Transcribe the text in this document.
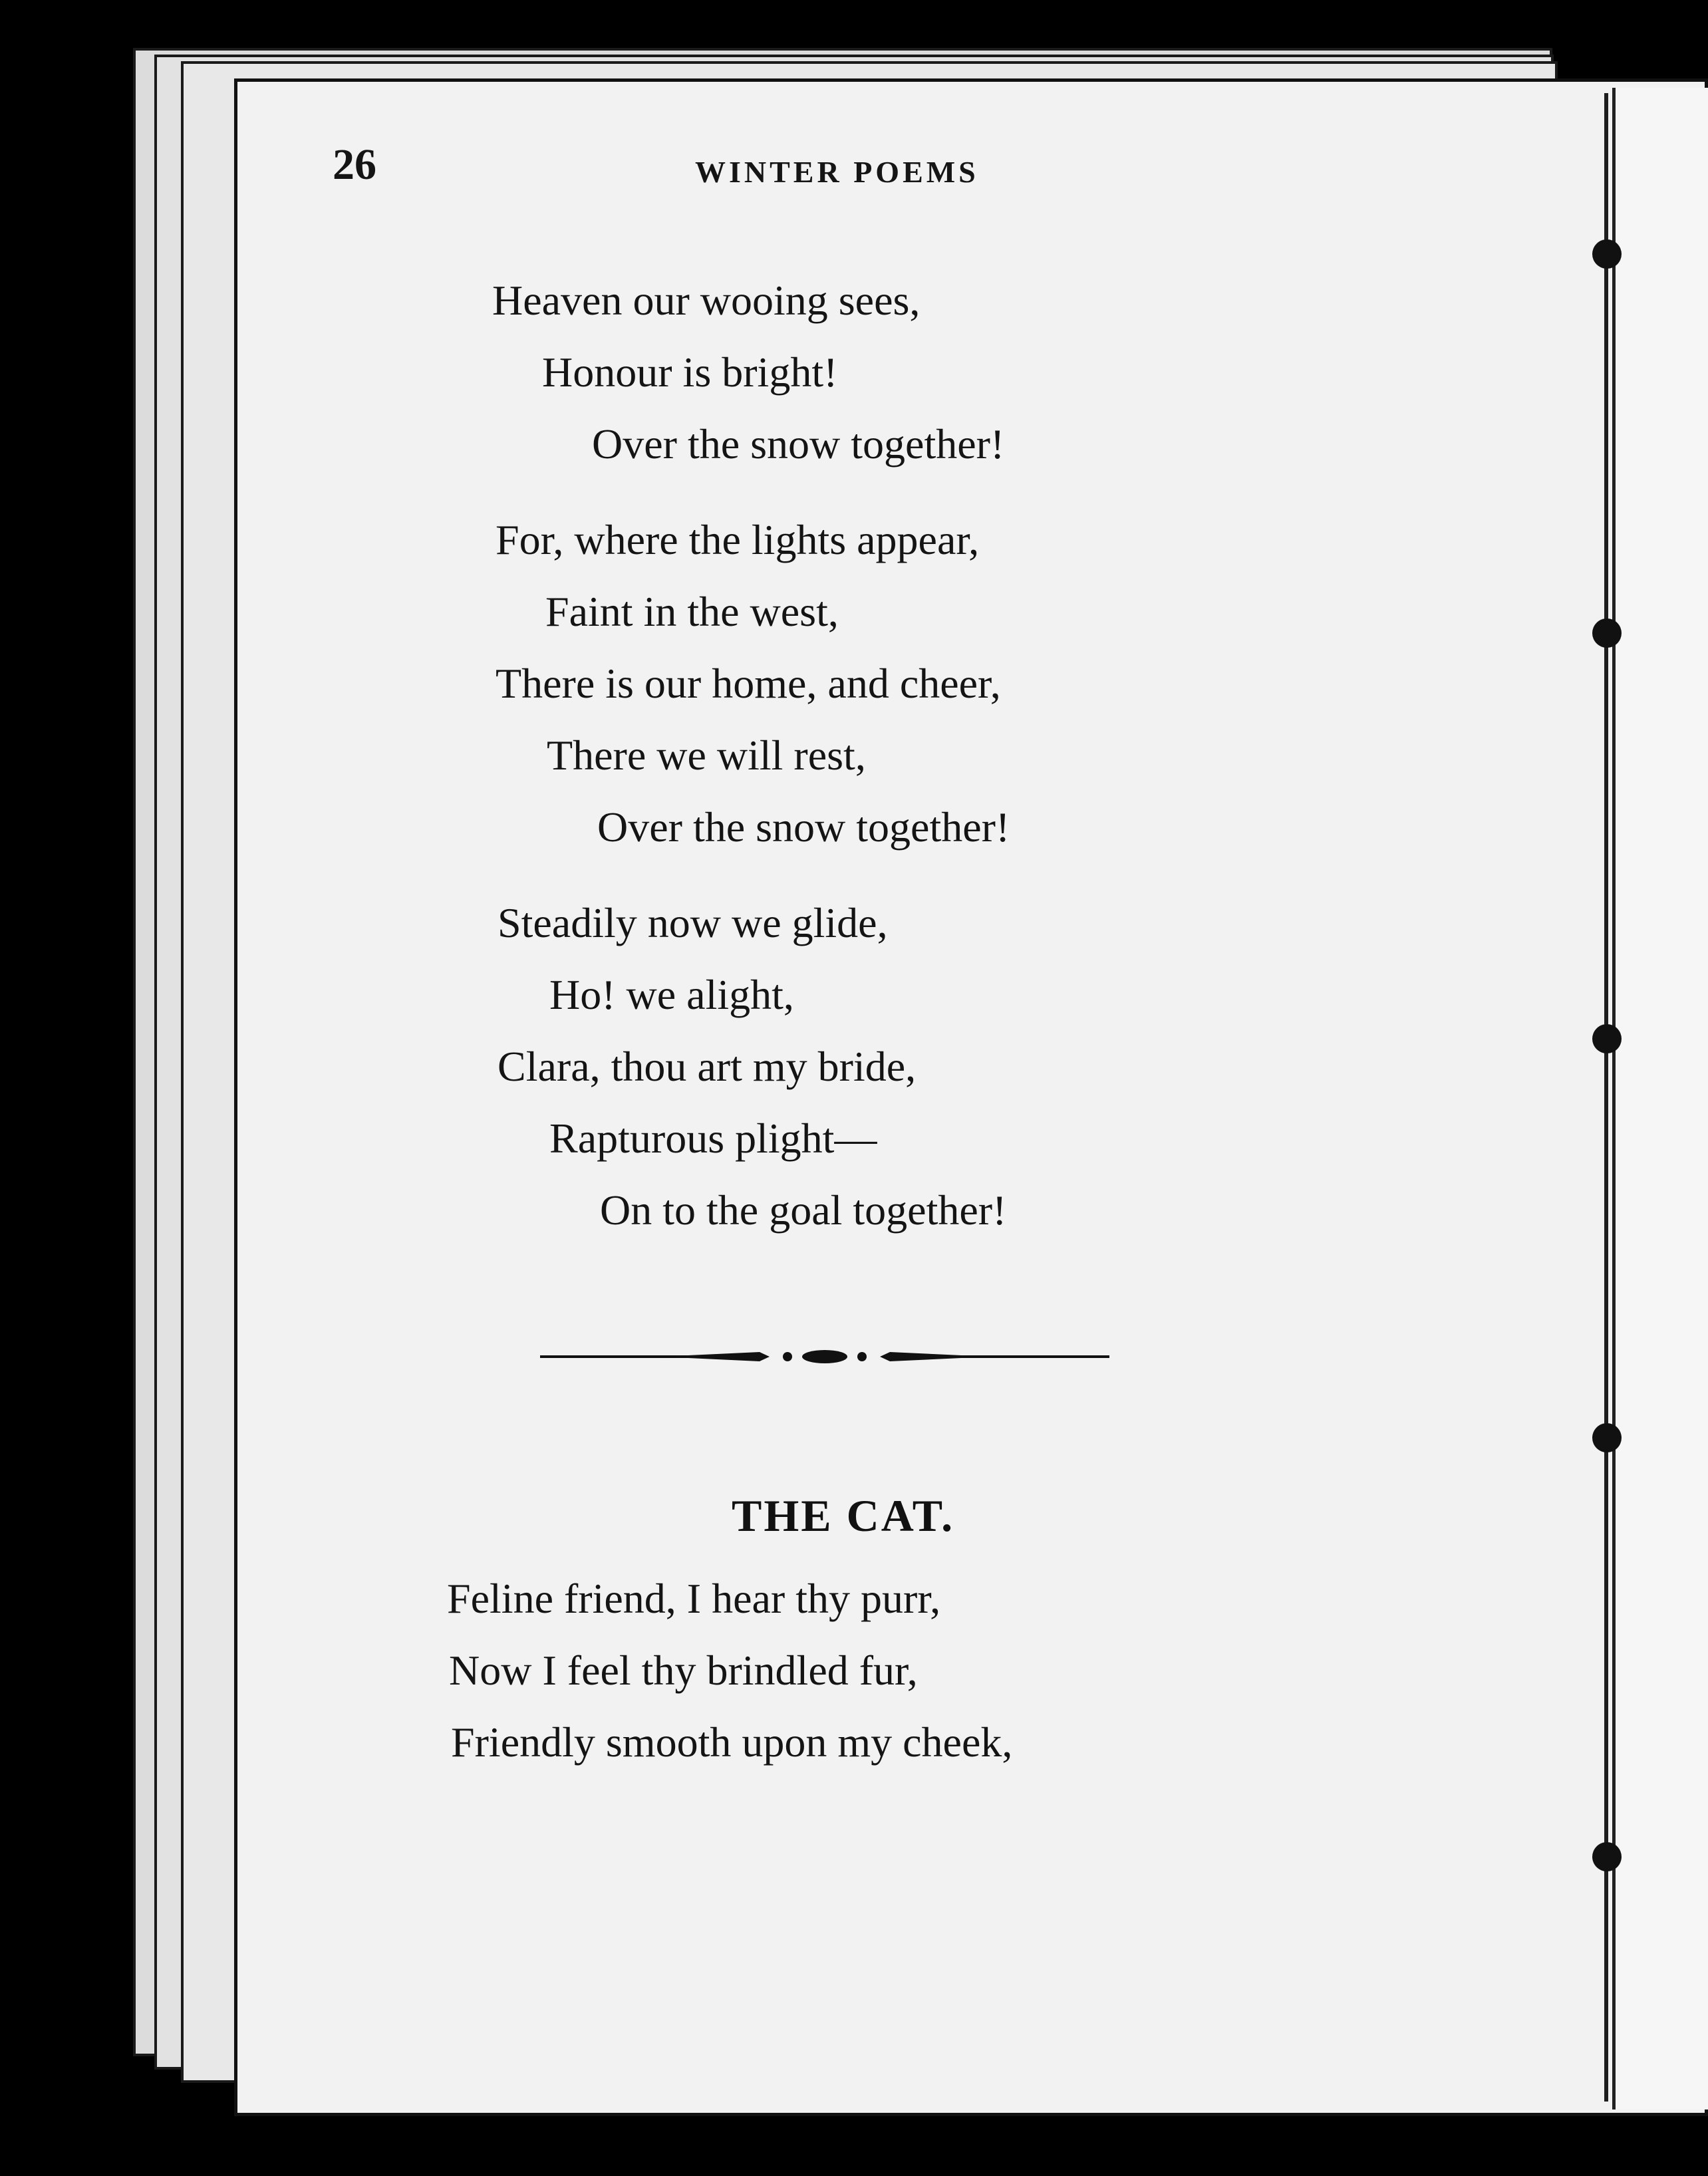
26	WINTER POEMS
Heaven our wooing sees,
Honour is bright!
Over the snow together!
For, where the lights appear,
Faint in the west,
There is our home, and cheer,
There we will rest,
Over the snow together!
Steadily now we glide,
Ho! we alight,
Clara, thou art my bride,
Rapturous plight—
On to the goal together!
THE CAT.
Feline friend, I hear thy purr,
Now I feel thy brindled fur,
Friendly smooth upon my cheek,
